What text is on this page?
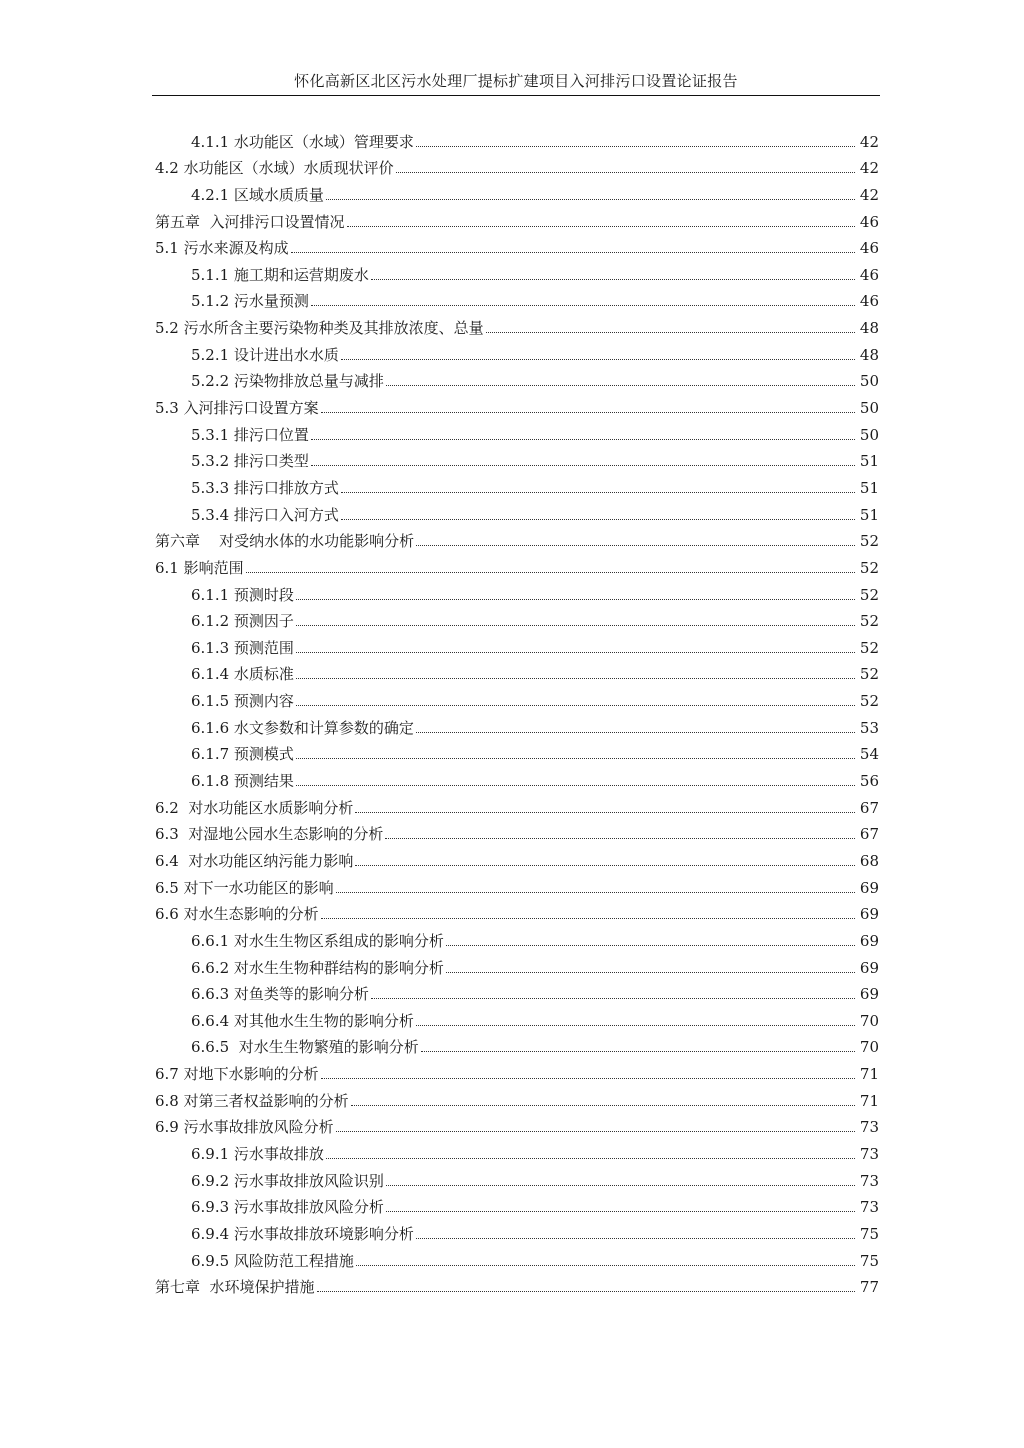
怀化高新区北区污水处理厂提标扩建项目入河排污口设置论证报告
4.1.1 水功能区（水域）管理要求	42
4.2 水功能区（水域）水质现状评价	42
4.2.1 区域水质质量	42
第五章  入河排污口设置情况	46
5.1 污水来源及构成	46
5.1.1 施工期和运营期废水	46
5.1.2 污水量预测	46
5.2 污水所含主要污染物种类及其排放浓度、总量	48
5.2.1 设计进出水水质	48
5.2.2 污染物排放总量与减排	50
5.3 入河排污口设置方案	50
5.3.1 排污口位置	50
5.3.2 排污口类型	51
5.3.3 排污口排放方式	51
5.3.4 排污口入河方式	51
第六章    对受纳水体的水功能影响分析	52
6.1 影响范围	52
6.1.1 预测时段	52
6.1.2 预测因子	52
6.1.3 预测范围	52
6.1.4 水质标准	52
6.1.5 预测内容	52
6.1.6 水文参数和计算参数的确定	53
6.1.7 预测模式	54
6.1.8 预测结果	56
6.2  对水功能区水质影响分析	67
6.3  对湿地公园水生态影响的分析	67
6.4  对水功能区纳污能力影响	68
6.5 对下一水功能区的影响	69
6.6 对水生态影响的分析	69
6.6.1 对水生生物区系组成的影响分析	69
6.6.2 对水生生物种群结构的影响分析	69
6.6.3 对鱼类等的影响分析	69
6.6.4 对其他水生生物的影响分析	70
6.6.5  对水生生物繁殖的影响分析	70
6.7 对地下水影响的分析	71
6.8 对第三者权益影响的分析	71
6.9 污水事故排放风险分析	73
6.9.1 污水事故排放	73
6.9.2 污水事故排放风险识别	73
6.9.3 污水事故排放风险分析	73
6.9.4 污水事故排放环境影响分析	75
6.9.5 风险防范工程措施	75
第七章  水环境保护措施	77
